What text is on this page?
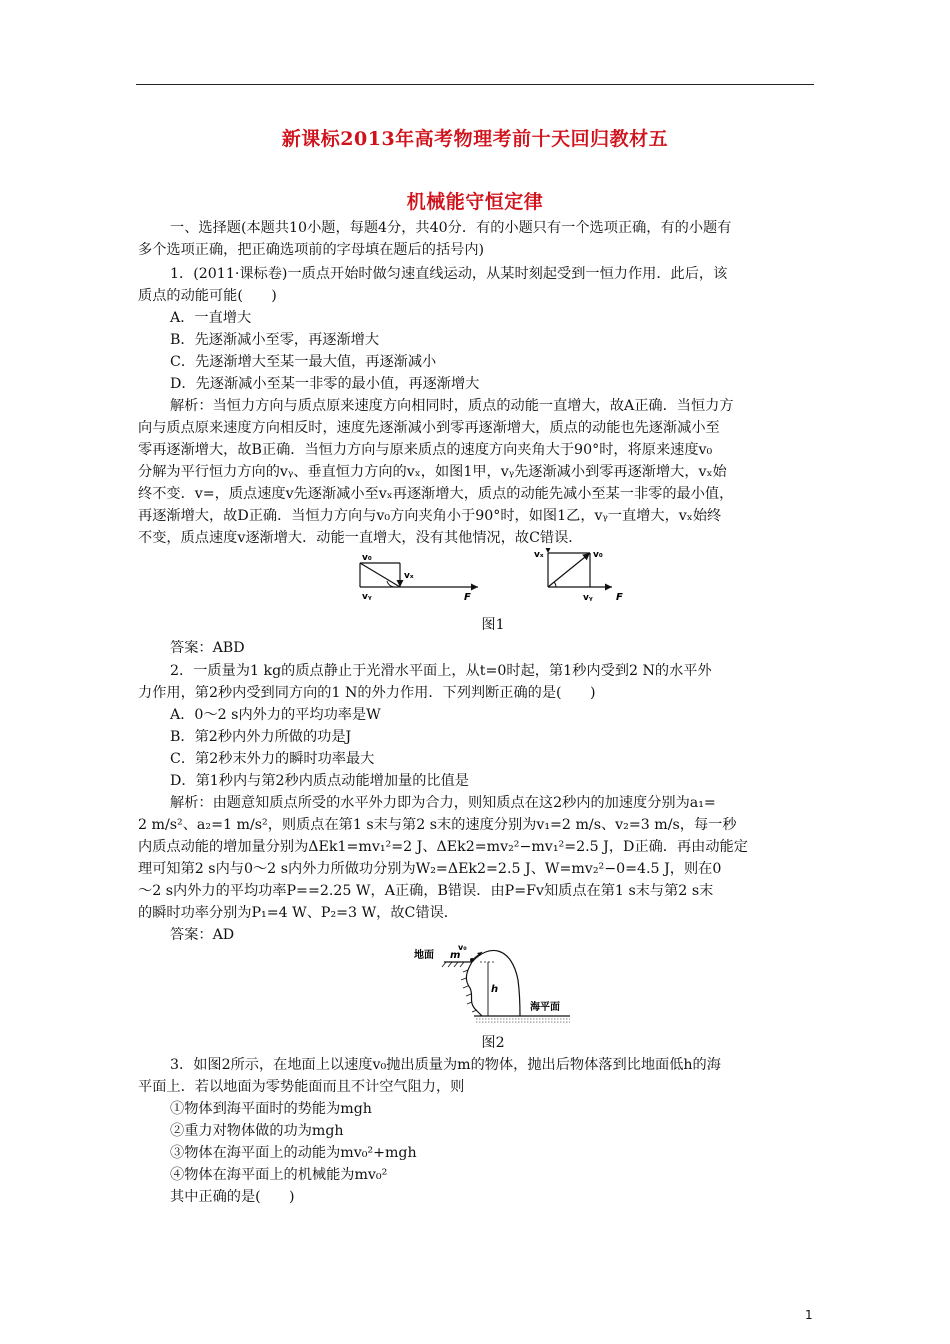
新课标2013年高考物理考前十天回归教材五
机械能守恒定律
一、选择题(本题共10小题，每题4分，共40分．有的小题只有一个选项正确，有的小题有
多个选项正确，把正确选项前的字母填在题后的括号内)
1．(2011·课标卷)一质点开始时做匀速直线运动，从某时刻起受到一恒力作用．此后，该
质点的动能可能(　　)
A．一直增大
B．先逐渐减小至零，再逐渐增大
C．先逐渐增大至某一最大值，再逐渐减小
D．先逐渐减小至某一非零的最小值，再逐渐增大
解析：当恒力方向与质点原来速度方向相同时，质点的动能一直增大，故A正确．当恒力方
向与质点原来速度方向相反时，速度先逐渐减小到零再逐渐增大，质点的动能也先逐渐减小至
零再逐渐增大，故B正确．当恒力方向与原来质点的速度方向夹角大于90°时，将原来速度v₀
分解为平行恒力方向的vᵧ、垂直恒力方向的vₓ，如图1甲，vᵧ先逐渐减小到零再逐渐增大，vₓ始
终不变．v=，质点速度v先逐渐减小至vₓ再逐渐增大，质点的动能先减小至某一非零的最小值，
再逐渐增大，故D正确．当恒力方向与v₀方向夹角小于90°时，如图1乙，vᵧ一直增大，vₓ始终
不变，质点速度v逐渐增大．动能一直增大，没有其他情况，故C错误．
v₀
vₓ
vᵧ	F
vₓ	v₀
vᵧ F
图1
答案：ABD
2．一质量为1 kg的质点静止于光滑水平面上，从t=0时起，第1秒内受到2 N的水平外
力作用，第2秒内受到同方向的1 N的外力作用．下列判断正确的是(　　)
A．0～2 s内外力的平均功率是W
B．第2秒内外力所做的功是J
C．第2秒末外力的瞬时功率最大
D．第1秒内与第2秒内质点动能增加量的比值是
解析：由题意知质点所受的水平外力即为合力，则知质点在这2秒内的加速度分别为a₁=
2 m/s²、a₂=1 m/s²，则质点在第1 s末与第2 s末的速度分别为v₁=2 m/s、v₂=3 m/s，每一秒
内质点动能的增加量分别为ΔEk1=mv₁²=2 J、ΔEk2=mv₂²−mv₁²=2.5 J，D正确．再由动能定
理可知第2 s内与0～2 s内外力所做功分别为W₂=ΔEk2=2.5 J、W=mv₂²−0=4.5 J，则在0
～2 s内外力的平均功率P==2.25 W，A正确，B错误．由P=Fv知质点在第1 s末与第2 s末
的瞬时功率分别为P₁=4 W、P₂=3 W，故C错误．
答案：AD
地面 m
v₀
h
海平面
图2
3．如图2所示，在地面上以速度v₀抛出质量为m的物体，抛出后物体落到比地面低h的海
平面上．若以地面为零势能面而且不计空气阻力，则
①物体到海平面时的势能为mgh
②重力对物体做的功为mgh
③物体在海平面上的动能为mv₀²+mgh
④物体在海平面上的机械能为mv₀²
其中正确的是(　　)
1
